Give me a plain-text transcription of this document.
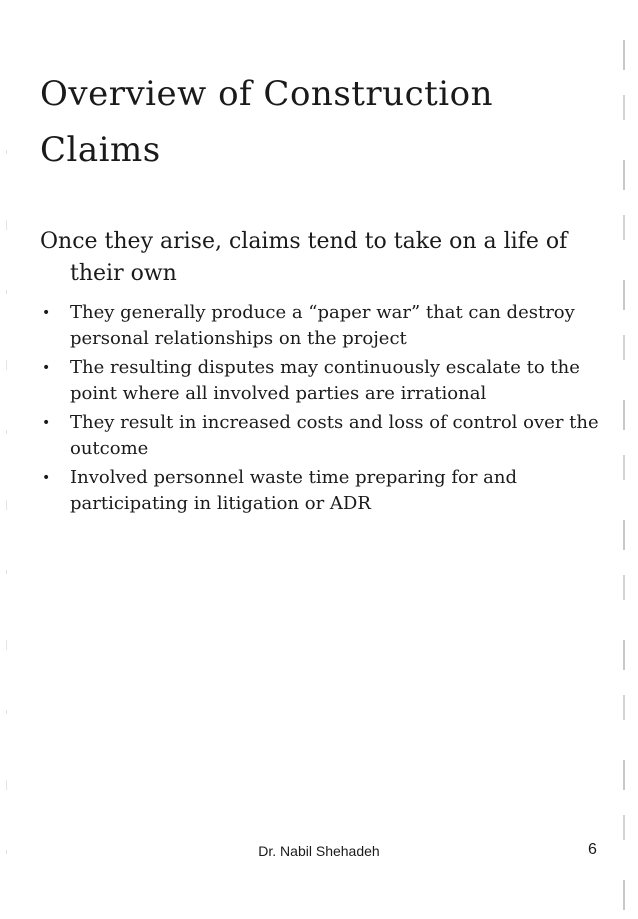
Overview of Construction Claims

Once they arise, claims tend to take on a life of their own

• They generally produce a “paper war” that can destroy personal relationships on the project
• The resulting disputes may continuously escalate to the point where all involved parties are irrational
• They result in increased costs and loss of control over the outcome
• Involved personnel waste time preparing for and participating in litigation or ADR
Dr. Nabil Shehadeh	6
